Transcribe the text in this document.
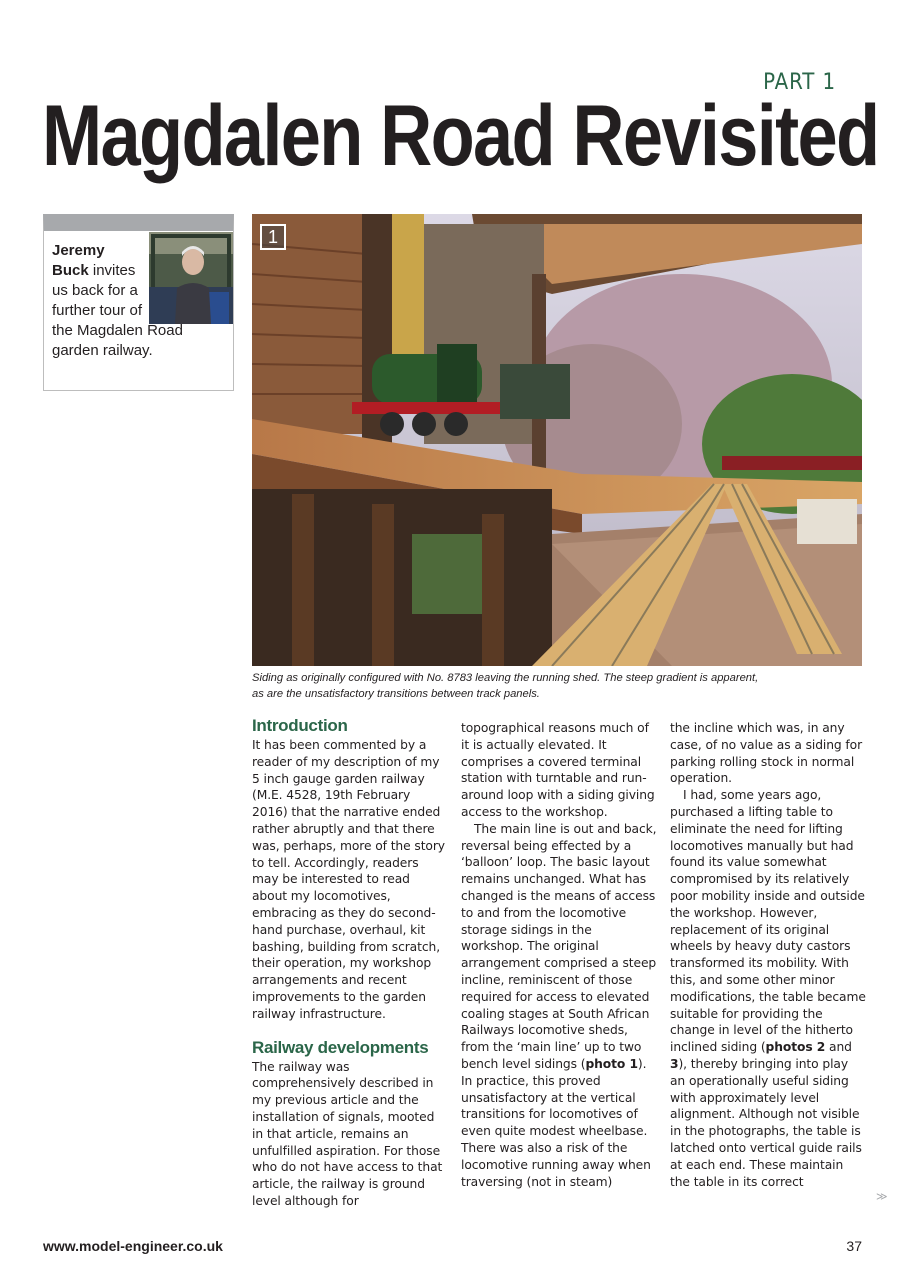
PART 1
Magdalen Road Revisited
Jeremy Buck invites us back for a further tour of the Magdalen Road garden railway.
1
Siding as originally configured with No. 8783 leaving the running shed. The steep gradient is apparent,
as are the unsatisfactory transitions between track panels.
Introduction

It has been commented by a reader of my description of my 5 inch gauge garden railway (M.E. 4528, 19th February 2016) that the narrative ended rather abruptly and that there was, perhaps, more of the story to tell. Accordingly, readers may be interested to read about my locomotives, embracing as they do second-hand purchase, overhaul, kit bashing, building from scratch, their operation, my workshop arrangements and recent improvements to the garden railway infrastructure.

Railway developments

The railway was comprehensively described in my previous article and the installation of signals, mooted in that article, remains an unfulfilled aspiration. For those who do not have access to that article, the railway is ground level although for

topographical reasons much of it is actually elevated. It comprises a covered terminal station with turntable and run-around loop with a siding giving access to the workshop.

The main line is out and back, reversal being effected by a ‘balloon’ loop. The basic layout remains unchanged. What has changed is the means of access to and from the locomotive storage sidings in the workshop. The original arrangement comprised a steep incline, reminiscent of those required for access to elevated coaling stages at South African Railways locomotive sheds, from the ‘main line’ up to two bench level sidings (photo 1). In practice, this proved unsatisfactory at the vertical transitions for locomotives of even quite modest wheelbase. There was also a risk of the locomotive running away when traversing (not in steam)

the incline which was, in any case, of no value as a siding for parking rolling stock in normal operation.

I had, some years ago, purchased a lifting table to eliminate the need for lifting locomotives manually but had found its value somewhat compromised by its relatively poor mobility inside and outside the workshop. However, replacement of its original wheels by heavy duty castors transformed its mobility. With this, and some other minor modifications, the table became suitable for providing the change in level of the hitherto inclined siding (photos 2 and 3), thereby bringing into play an operationally useful siding with approximately level alignment. Although not visible in the photographs, the table is latched onto vertical guide rails at each end. These maintain the table in its correct

≫
www.model-engineer.co.uk	37
